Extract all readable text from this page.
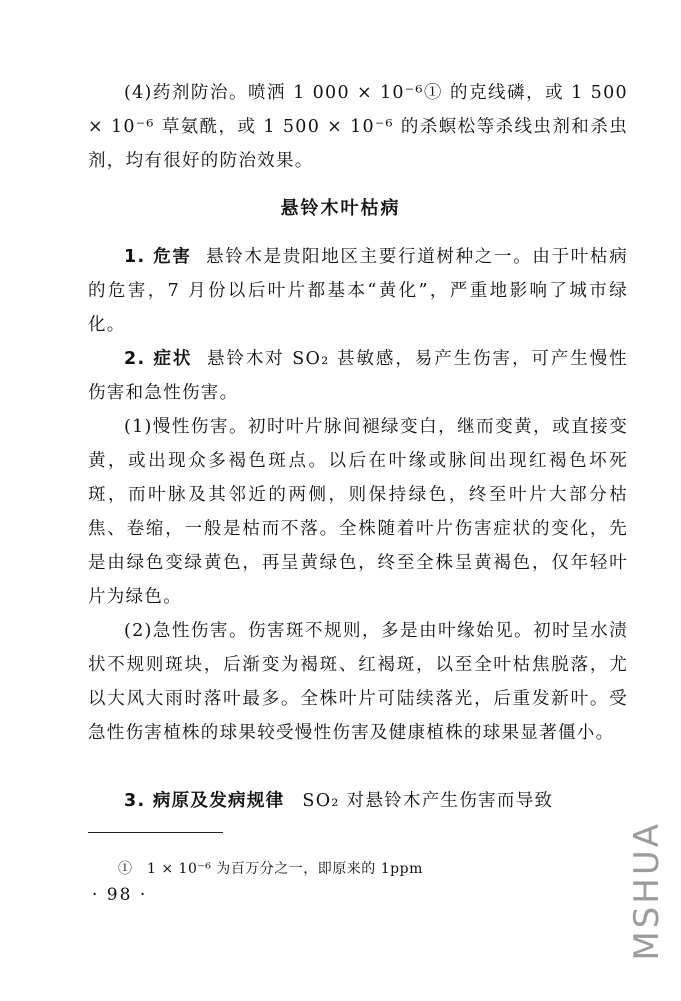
(4)药剂防治。喷洒 1 000 × 10⁻⁶① 的克线磷，或 1 500 × 10⁻⁶ 草氨酰，或 1 500 × 10⁻⁶ 的杀螟松等杀线虫剂和杀虫剂，均有很好的防治效果。

悬铃木叶枯病

1. 危害 悬铃木是贵阳地区主要行道树种之一。由于叶枯病的危害，7 月份以后叶片都基本“黄化”，严重地影响了城市绿化。

2. 症状 悬铃木对 SO₂ 甚敏感，易产生伤害，可产生慢性伤害和急性伤害。

(1)慢性伤害。初时叶片脉间褪绿变白，继而变黄，或直接变黄，或出现众多褐色斑点。以后在叶缘或脉间出现红褐色坏死斑，而叶脉及其邻近的两侧，则保持绿色，终至叶片大部分枯焦、卷缩，一般是枯而不落。全株随着叶片伤害症状的变化，先是由绿色变绿黄色，再呈黄绿色，终至全株呈黄褐色，仅年轻叶片为绿色。

(2)急性伤害。伤害斑不规则，多是由叶缘始见。初时呈水渍状不规则斑块，后渐变为褐斑、红褐斑，以至全叶枯焦脱落，尤以大风大雨时落叶最多。全株叶片可陆续落光，后重发新叶。受急性伤害植株的球果较受慢性伤害及健康植株的球果显著僵小。

3. 病原及发病规律 SO₂ 对悬铃木产生伤害而导致

①　1 × 10⁻⁶ 为百万分之一，即原来的 1ppm
· 98 ·	MSHUA
